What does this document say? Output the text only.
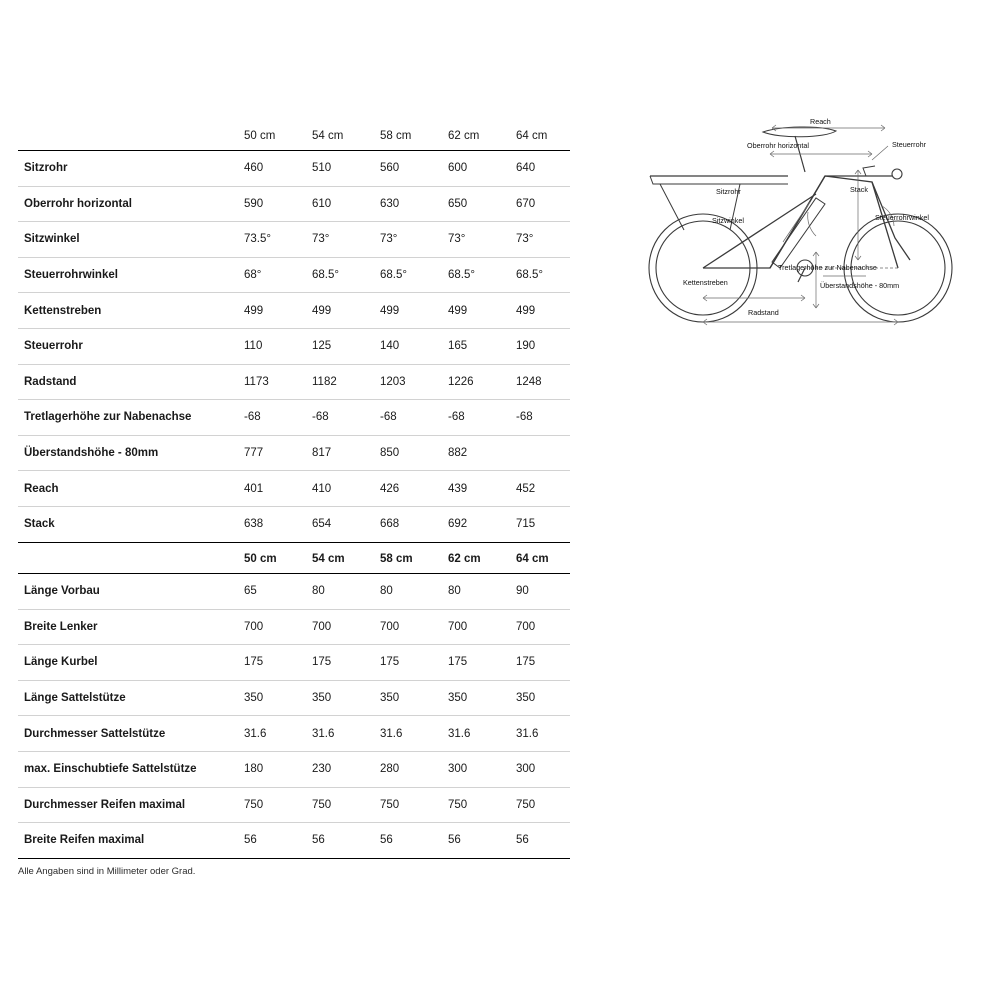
	50 cm	54 cm	58 cm	62 cm	64 cm
Sitzrohr	460	510	560	600	640
Oberrohr horizontal	590	610	630	650	670
Sitzwinkel	73.5°	73°	73°	73°	73°
Steuerrohrwinkel	68°	68.5°	68.5°	68.5°	68.5°
Kettenstreben	499	499	499	499	499
Steuerrohr	110	125	140	165	190
Radstand	1173	1182	1203	1226	1248
Tretlagerhöhe zur Nabenachse	-68	-68	-68	-68	-68
Überstandshöhe - 80mm	777	817	850	882	
Reach	401	410	426	439	452
Stack	638	654	668	692	715
	50 cm	54 cm	58 cm	62 cm	64 cm
Länge Vorbau	65	80	80	80	90
Breite Lenker	700	700	700	700	700
Länge Kurbel	175	175	175	175	175
Länge Sattelstütze	350	350	350	350	350
Durchmesser Sattelstütze	31.6	31.6	31.6	31.6	31.6
max. Einschubtiefe Sattelstütze	180	230	280	300	300
Durchmesser Reifen maximal	750	750	750	750	750
Breite Reifen maximal	56	56	56	56	56
Alle Angaben sind in Millimeter oder Grad.
Reach
Oberrohr horizontal	Steuerrohr
Sitzrohr	Stack
Sitzwinkel	Steuerrohrwinkel
Tretlagerhöhe zur Nabenachse
Kettenstreben	Überstandshöhe - 80mm
Radstand
